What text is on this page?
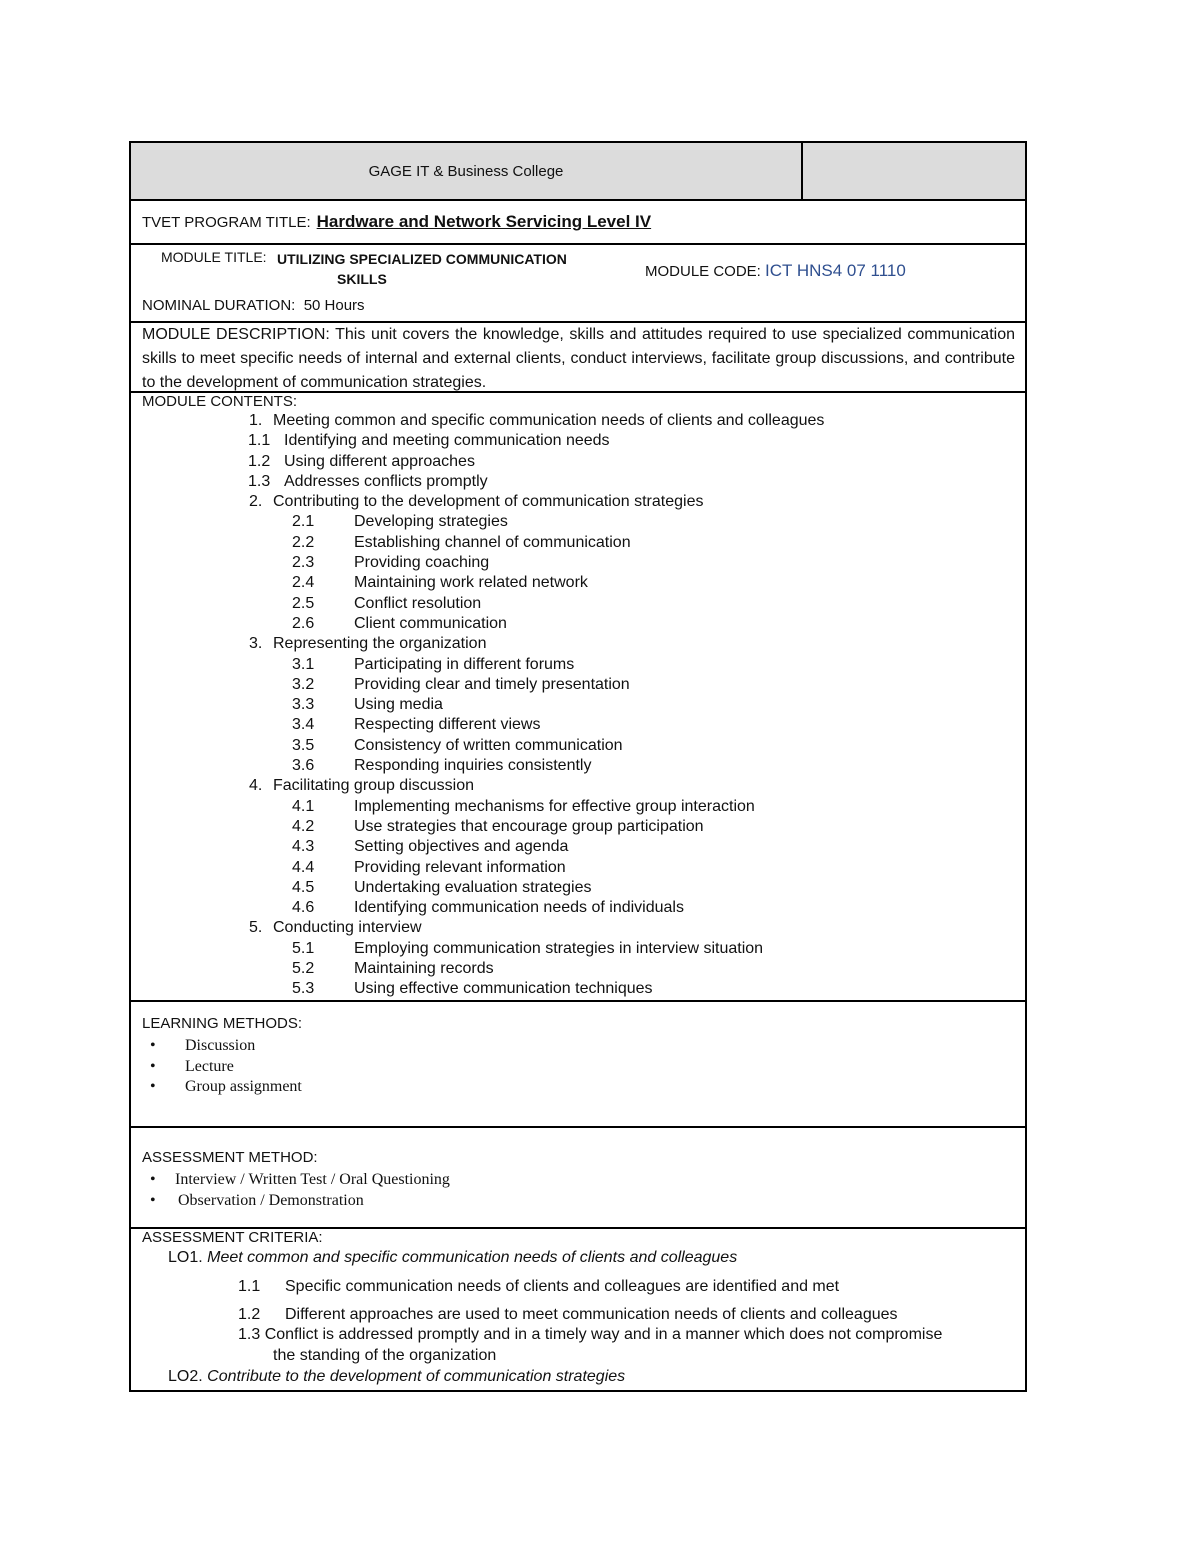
GAGE IT & Business College
TVET PROGRAM TITLE: Hardware and Network Servicing Level IV
MODULE TITLE: UTILIZING SPECIALIZED COMMUNICATION
SKILLS	MODULE CODE: ICT HNS4 07 1110
NOMINAL DURATION: 50 Hours

MODULE DESCRIPTION: This unit covers the knowledge, skills and attitudes required to use specialized communication skills to meet specific needs of internal and external clients, conduct interviews, facilitate group discussions, and contribute to the development of communication strategies.

MODULE CONTENTS:
1. Meeting common and specific communication needs of clients and colleagues
1.1 Identifying and meeting communication needs
1.2 Using different approaches
1.3 Addresses conflicts promptly
2. Contributing to the development of communication strategies
2.1 Developing strategies
2.2 Establishing channel of communication
2.3 Providing coaching
2.4 Maintaining work related network
2.5 Conflict resolution
2.6 Client communication
3. Representing the organization
3.1 Participating in different forums
3.2 Providing clear and timely presentation
3.3 Using media
3.4 Respecting different views
3.5 Consistency of written communication
3.6 Responding inquiries consistently
4. Facilitating group discussion
4.1 Implementing mechanisms for effective group interaction
4.2 Use strategies that encourage group participation
4.3 Setting objectives and agenda
4.4 Providing relevant information
4.5 Undertaking evaluation strategies
4.6 Identifying communication needs of individuals
5. Conducting interview
5.1 Employing communication strategies in interview situation
5.2 Maintaining records
5.3 Using effective communication techniques
LEARNING METHODS:
• Discussion
• Lecture
• Group assignment
ASSESSMENT METHOD:
• Interview / Written Test / Oral Questioning
• Observation / Demonstration
ASSESSMENT CRITERIA:
LO1. Meet common and specific communication needs of clients and colleagues
1.1 Specific communication needs of clients and colleagues are identified and met
1.2 Different approaches are used to meet communication needs of clients and colleagues
1.3 Conflict is addressed promptly and in a timely way and in a manner which does not compromise
the standing of the organization
LO2. Contribute to the development of communication strategies
